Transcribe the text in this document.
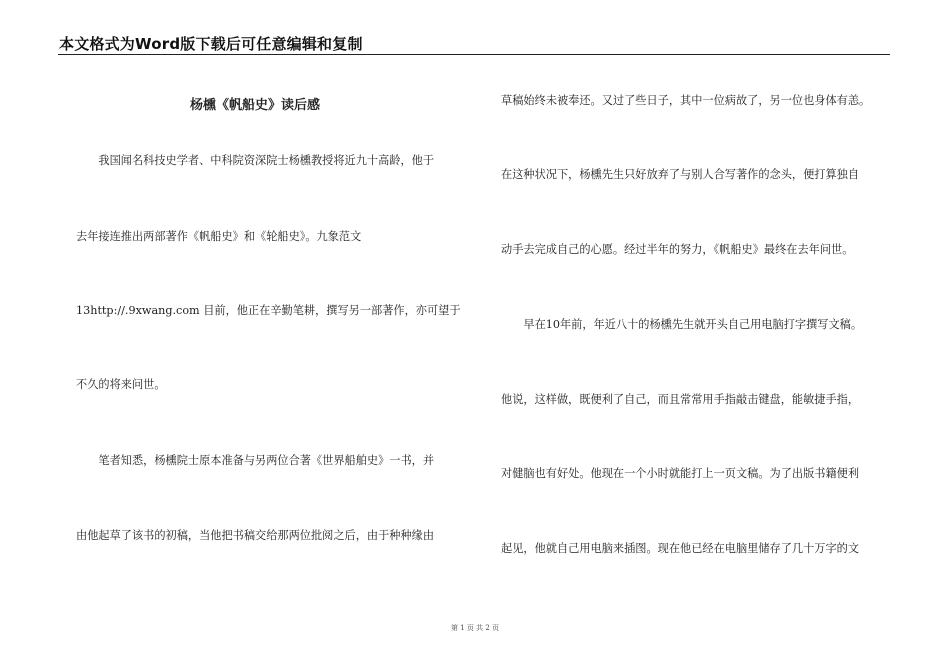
本文格式为Word版下载后可任意编辑和复制
杨櫄《帆船史》读后感
　　我国闻名科技史学者、中科院资深院士杨櫄教授将近九十高龄，他于
去年接连推出两部著作《帆船史》和《轮船史》。九象范文
13http://.9xwang.com 目前，他正在辛勤笔耕，撰写另一部著作，亦可望于
不久的将来问世。
　　笔者知悉，杨櫄院士原本准备与另两位合著《世界船舶史》一书，并
由他起草了该书的初稿，当他把书稿交给那两位批阅之后，由于种种缘由
草稿始终未被奉还。又过了些日子，其中一位病故了，另一位也身体有恙。
在这种状况下，杨櫄先生只好放弃了与别人合写著作的念头，便打算独自
动手去完成自己的心愿。经过半年的努力，《帆船史》最终在去年问世。
　　早在10年前，年近八十的杨櫄先生就开头自己用电脑打字撰写文稿。
他说，这样做，既便利了自己，而且常常用手指敲击键盘，能敏捷手指，
对健脑也有好处。他现在一个小时就能打上一页文稿。为了出版书籍便利
起见，他就自己用电脑来插图。现在他已经在电脑里储存了几十万字的文
第 1 页 共 2 页
